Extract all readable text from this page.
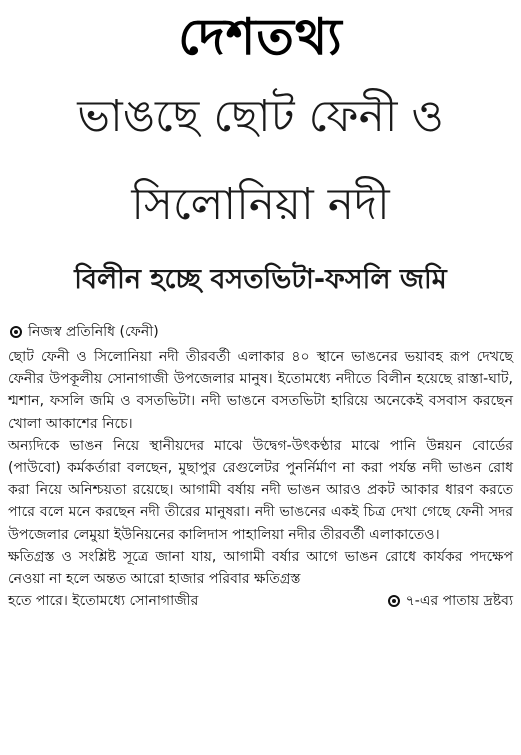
দেশতথ্য
ভাঙছে ছোট ফেনী ও
সিলোনিয়া নদী
বিলীন হচ্ছে বসতভিটা-ফসলি জমি
নিজস্ব প্রতিনিধি (ফেনী)

ছোট ফেনী ও সিলোনিয়া নদী তীরবর্তী এলাকার ৪০ স্থানে ভাঙনের ভয়াবহ রূপ দেখছে ফেনীর উপকূলীয় সোনাগাজী উপজেলার মানুষ। ইতোমধ্যে নদীতে বিলীন হয়েছে রাস্তা-ঘাট, শ্মশান, ফসলি জমি ও বসতভিটা। নদী ভাঙনে বসতভিটা হারিয়ে অনেকেই বসবাস করছেন খোলা আকাশের নিচে।

অন্যদিকে ভাঙন নিয়ে স্থানীয়দের মাঝে উদ্বেগ-উৎকণ্ঠার মাঝে পানি উন্নয়ন বোর্ডের (পাউবো) কর্মকর্তারা বলছেন, মুছাপুর রেগুলেটর পুনর্নির্মাণ না করা পর্যন্ত নদী ভাঙন রোধ করা নিয়ে অনিশ্চয়তা রয়েছে। আগামী বর্ষায় নদী ভাঙন আরও প্রকট আকার ধারণ করতে পারে বলে মনে করছেন নদী তীরের মানুষরা। নদী ভাঙনের একই চিত্র দেখা গেছে ফেনী সদর উপজেলার লেমুয়া ইউনিয়নের কালিদাস পাহালিয়া নদীর তীরবর্তী এলাকাতেও।

ক্ষতিগ্রস্ত ও সংশ্লিষ্ট সূত্রে জানা যায়, আগামী বর্ষার আগে ভাঙন রোধে কার্যকর পদক্ষেপ নেওয়া না হলে অন্তত আরো হাজার পরিবার ক্ষতিগ্রস্ত

হতে পারে। ইতোমধ্যে সোনাগাজীর	৭-এর পাতায় দ্রষ্টব্য
